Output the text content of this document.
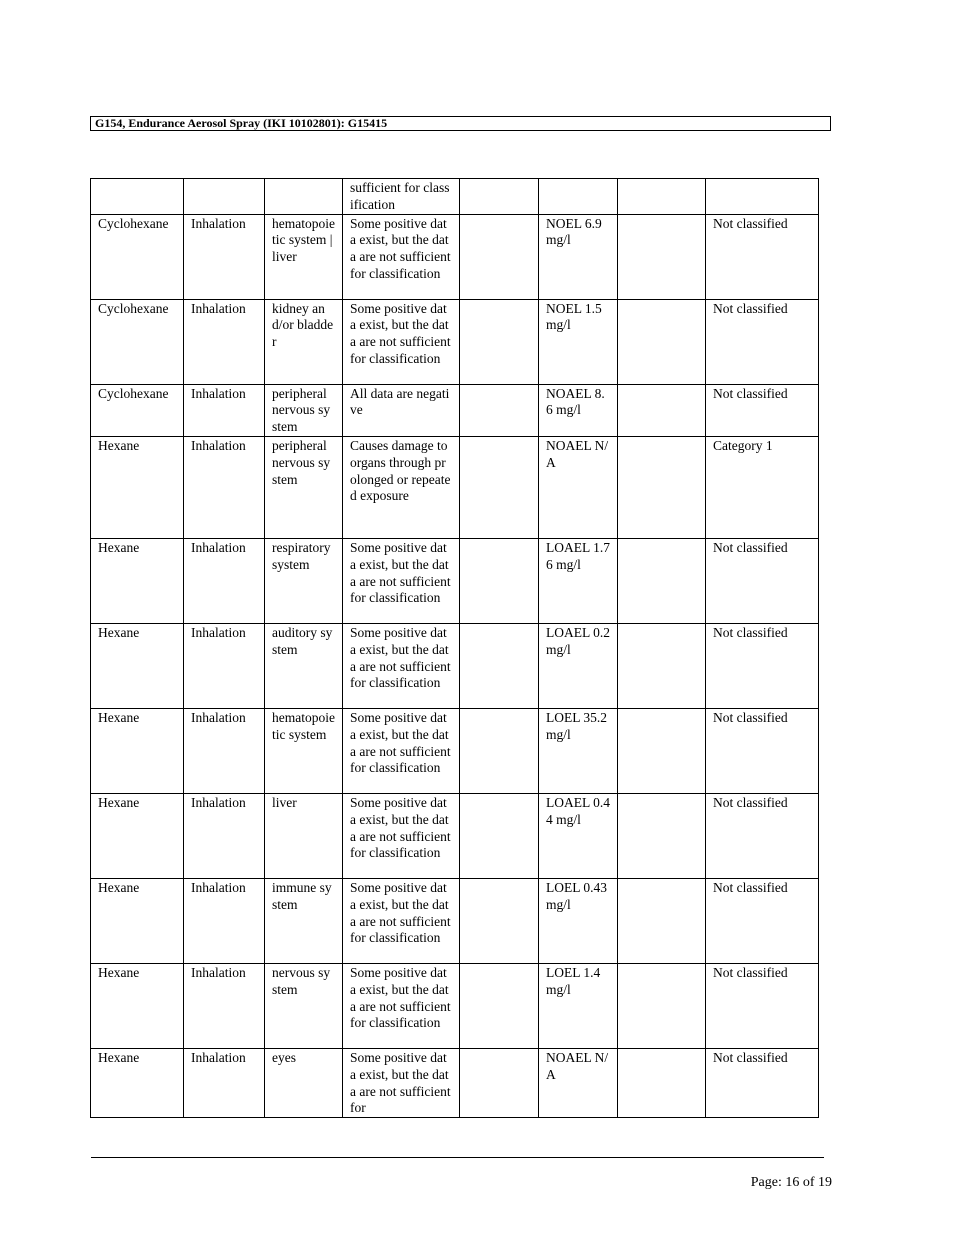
G154, Endurance Aerosol Spray (IKI 10102801): G15415
			sufficient for classification				
Cyclohexane	Inhalation	hematopoietic system | liver	Some positive data exist, but the data are not sufficient for classification		NOEL 6.9 mg/l		Not classified
Cyclohexane	Inhalation	kidney and/or bladder	Some positive data exist, but the data are not sufficient for classification		NOEL 1.5 mg/l		Not classified
Cyclohexane	Inhalation	peripheral nervous system	All data are negative		NOAEL 8.6 mg/l		Not classified
Hexane	Inhalation	peripheral nervous system	Causes damage to organs through prolonged or repeated exposure		NOAEL N/A		Category 1
Hexane	Inhalation	respiratory system	Some positive data exist, but the data are not sufficient for classification		LOAEL 1.76 mg/l		Not classified
Hexane	Inhalation	auditory system	Some positive data exist, but the data are not sufficient for classification		LOAEL 0.2 mg/l		Not classified
Hexane	Inhalation	hematopoietic system	Some positive data exist, but the data are not sufficient for classification		LOEL 35.2 mg/l		Not classified
Hexane	Inhalation	liver	Some positive data exist, but the data are not sufficient for classification		LOAEL 0.44 mg/l		Not classified
Hexane	Inhalation	immune system	Some positive data exist, but the data are not sufficient for classification		LOEL 0.43 mg/l		Not classified
Hexane	Inhalation	nervous system	Some positive data exist, but the data are not sufficient for classification		LOEL 1.4 mg/l		Not classified
Hexane	Inhalation	eyes	Some positive data exist, but the data are not sufficient for		NOAEL N/A		Not classified
Page: 16 of 19
